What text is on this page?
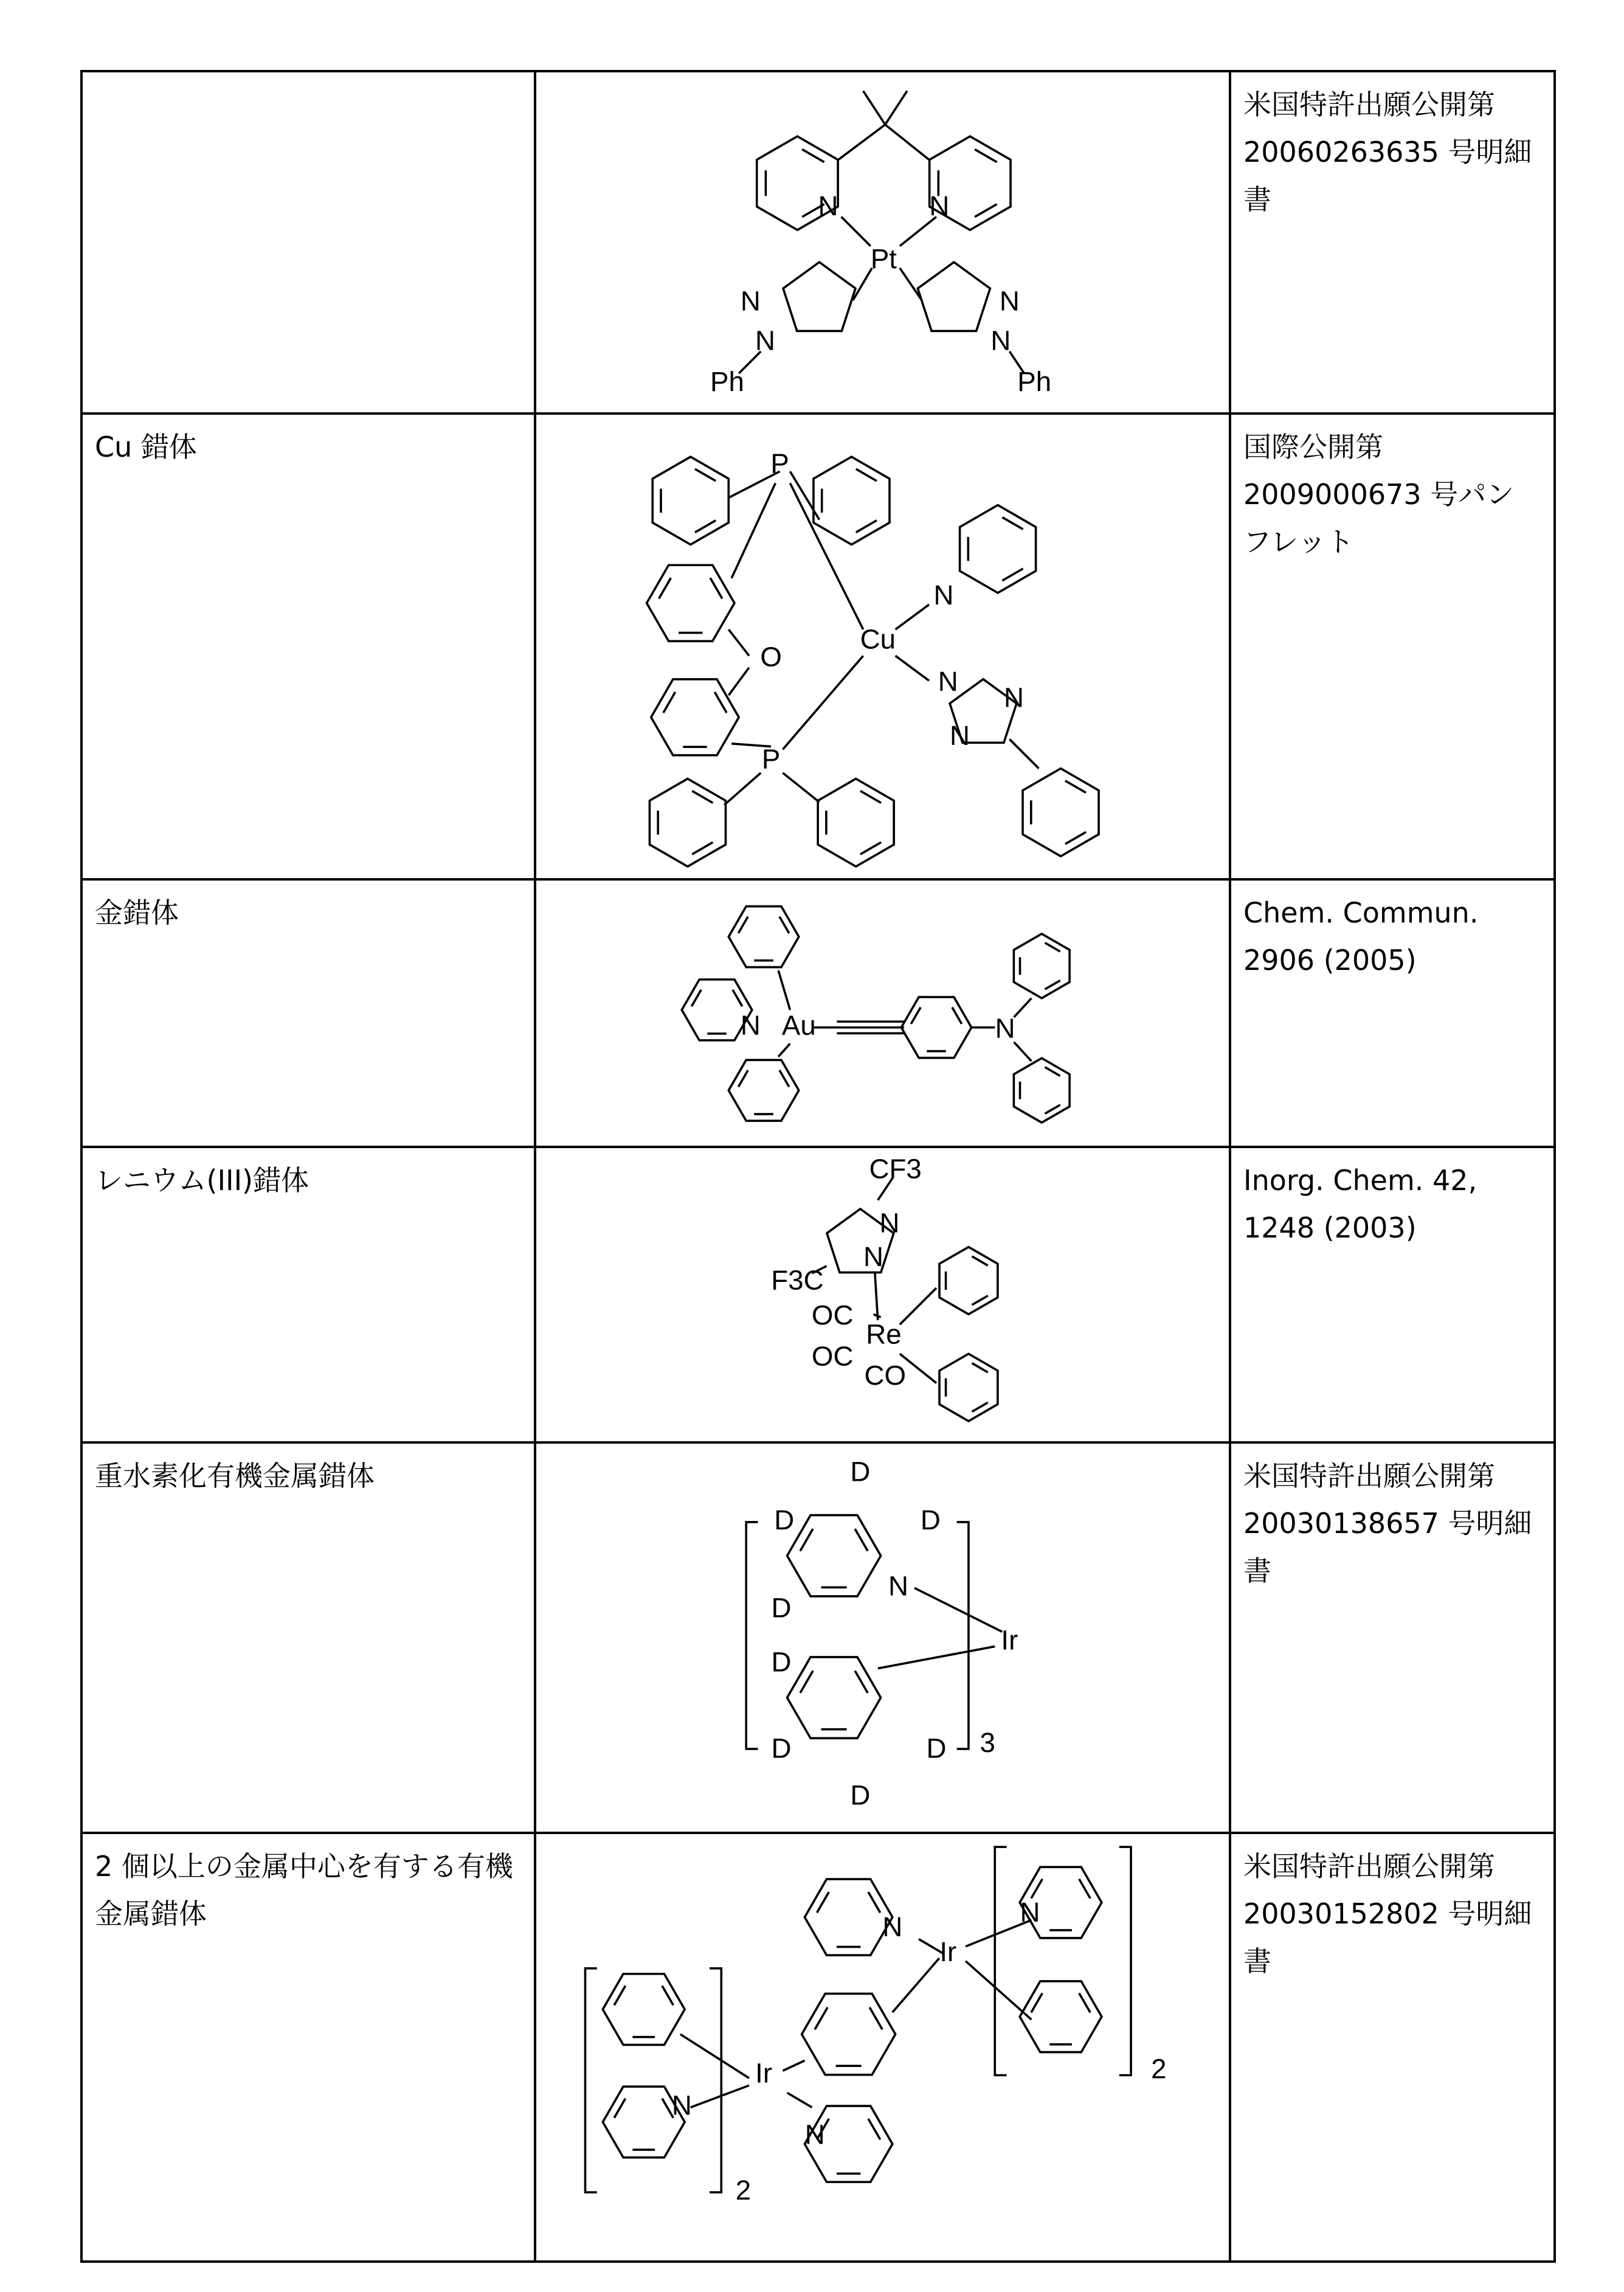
		米国特許出願公開第 20060263635 号明細書
Cu 錯体		国際公開第 2009000673 号パンフレット
金錯体		Chem. Commun. 2906 (2005)
レニウム(III)錯体		Inorg. Chem. 42, 1248 (2003)
重水素化有機金属錯体		米国特許出願公開第 20030138657 号明細書
2 個以上の金属中心を有する有機金属錯体		米国特許出願公開第 20030152802 号明細書
N	N
Pt
N
N
Ph
N
N
Ph
P
O
P
Cu
N
N
N
N
N Au	N
CF3
N
N
F3C
Re
OC
OC
CO
D
D	D
D
N
Ir
D
D	D
D
3
N
Ir
N
2
Ir
N
N
2
